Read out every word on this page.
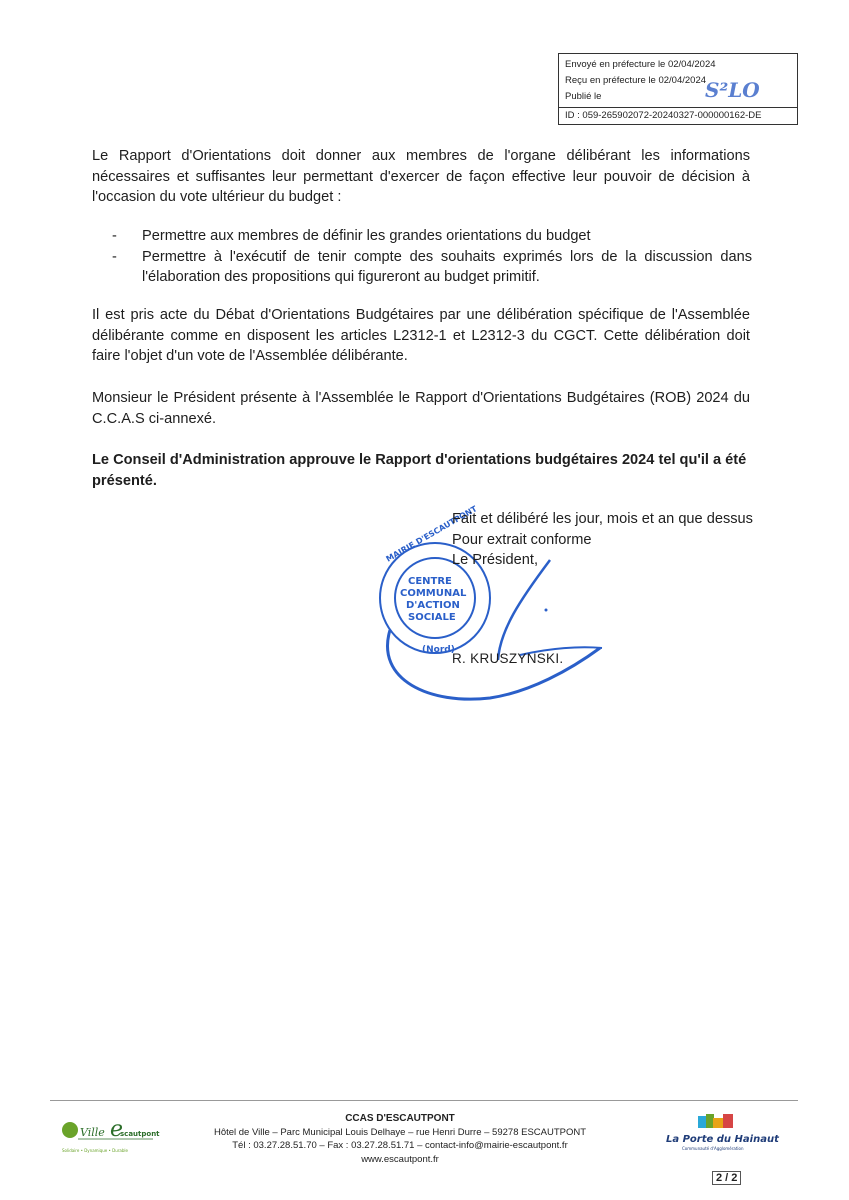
Envoyé en préfecture le 02/04/2024
Reçu en préfecture le 02/04/2024
Publié le
ID : 059-265902072-20240327-000000162-DE
S²LO
Le Rapport d'Orientations doit donner aux membres de l'organe délibérant les informations nécessaires et suffisantes leur permettant d'exercer de façon effective leur pouvoir de décision à l'occasion du vote ultérieur du budget :
-	Permettre aux membres de définir les grandes orientations du budget
-	Permettre à l'exécutif de tenir compte des souhaits exprimés lors de la discussion dans l'élaboration des propositions qui figureront au budget primitif.
Il est pris acte du Débat d'Orientations Budgétaires par une délibération spécifique de l'Assemblée délibérante comme en disposent les articles L2312-1 et L2312-3 du CGCT. Cette délibération doit faire l'objet d'un vote de l'Assemblée délibérante.
Monsieur le Président présente à l'Assemblée le Rapport d'Orientations Budgétaires (ROB) 2024 du C.C.A.S ci-annexé.
Le Conseil d'Administration approuve le Rapport d'orientations budgétaires 2024 tel qu'il a été présenté.
CENTRE
COMMUNAL
D'ACTION
SOCIALE
(Nord)
MAIRIE D'ESCAUTPONT
Fait et délibéré les jour, mois et an que dessus
Pour extrait conforme
Le Président,
R. KRUSZYNSKI.
Ville e
scautpont
Solidaire • Dynamique • Durable
CCAS D'ESCAUTPONT
Hôtel de Ville – Parc Municipal Louis Delhaye – rue Henri Durre – 59278 ESCAUTPONT
Tél : 03.27.28.51.70 – Fax : 03.27.28.51.71 – contact-info@mairie-escautpont.fr
www.escautpont.fr
La Porte du Hainaut
Communauté d'Agglomération
2 / 2
